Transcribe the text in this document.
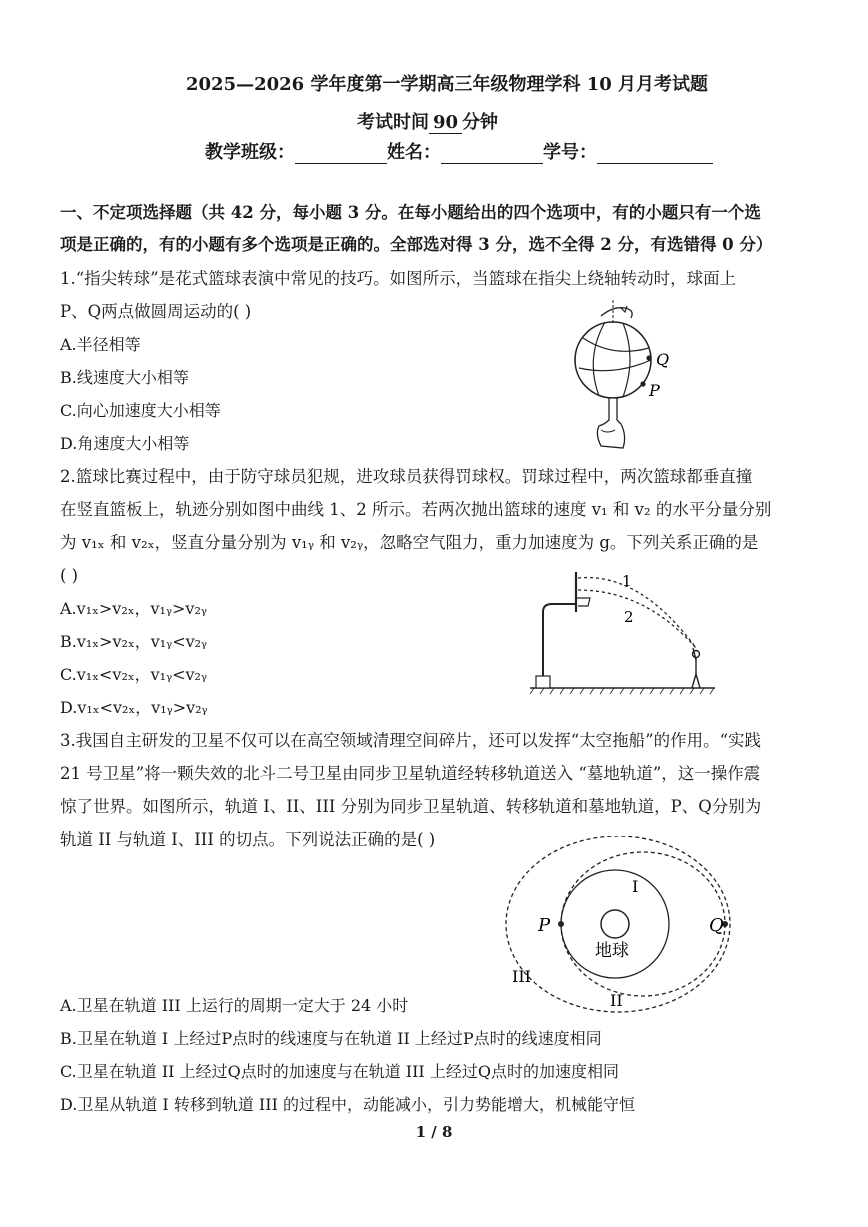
2025—2026 学年度第一学期高三年级物理学科 10 月月考试题
考试时间 90 分钟
教学班级：	姓名：	学号：
一、不定项选择题（共 42 分，每小题 3 分。在每小题给出的四个选项中，有的小题只有一个选
项是正确的，有的小题有多个选项是正确的。全部选对得 3 分，选不全得 2 分，有选错得 0 分）
1.“指尖转球”是花式篮球表演中常见的技巧。如图所示，当篮球在指尖上绕轴转动时，球面上
P、Q两点做圆周运动的( )
A.半径相等
B.线速度大小相等
C.向心加速度大小相等
D.角速度大小相等
Q
P
2.篮球比赛过程中，由于防守球员犯规，进攻球员获得罚球权。罚球过程中，两次篮球都垂直撞
在竖直篮板上，轨迹分别如图中曲线 1、2 所示。若两次抛出篮球的速度 v₁ 和 v₂ 的水平分量分别
为 v₁ₓ 和 v₂ₓ，竖直分量分别为 v₁ᵧ 和 v₂ᵧ，忽略空气阻力，重力加速度为 g。下列关系正确的是
( )
A.v₁ₓ>v₂ₓ，v₁ᵧ>v₂ᵧ
B.v₁ₓ>v₂ₓ，v₁ᵧ<v₂ᵧ
C.v₁ₓ<v₂ₓ，v₁ᵧ<v₂ᵧ
D.v₁ₓ<v₂ₓ，v₁ᵧ>v₂ᵧ
1
2
3.我国自主研发的卫星不仅可以在高空领域清理空间碎片，还可以发挥“太空拖船”的作用。“实践
21 号卫星”将一颗失效的北斗二号卫星由同步卫星轨道经转移轨道送入 “墓地轨道”，这一操作震
惊了世界。如图所示，轨道 I、II、III 分别为同步卫星轨道、转移轨道和墓地轨道，P、Q分别为
轨道 II 与轨道 I、III 的切点。下列说法正确的是( )
地球
P	Q
I
II
III
A.卫星在轨道 III 上运行的周期一定大于 24 小时
B.卫星在轨道 I 上经过P点时的线速度与在轨道 II 上经过P点时的线速度相同
C.卫星在轨道 II 上经过Q点时的加速度与在轨道 III 上经过Q点时的加速度相同
D.卫星从轨道 I 转移到轨道 III 的过程中，动能减小，引力势能增大，机械能守恒
1 / 8
